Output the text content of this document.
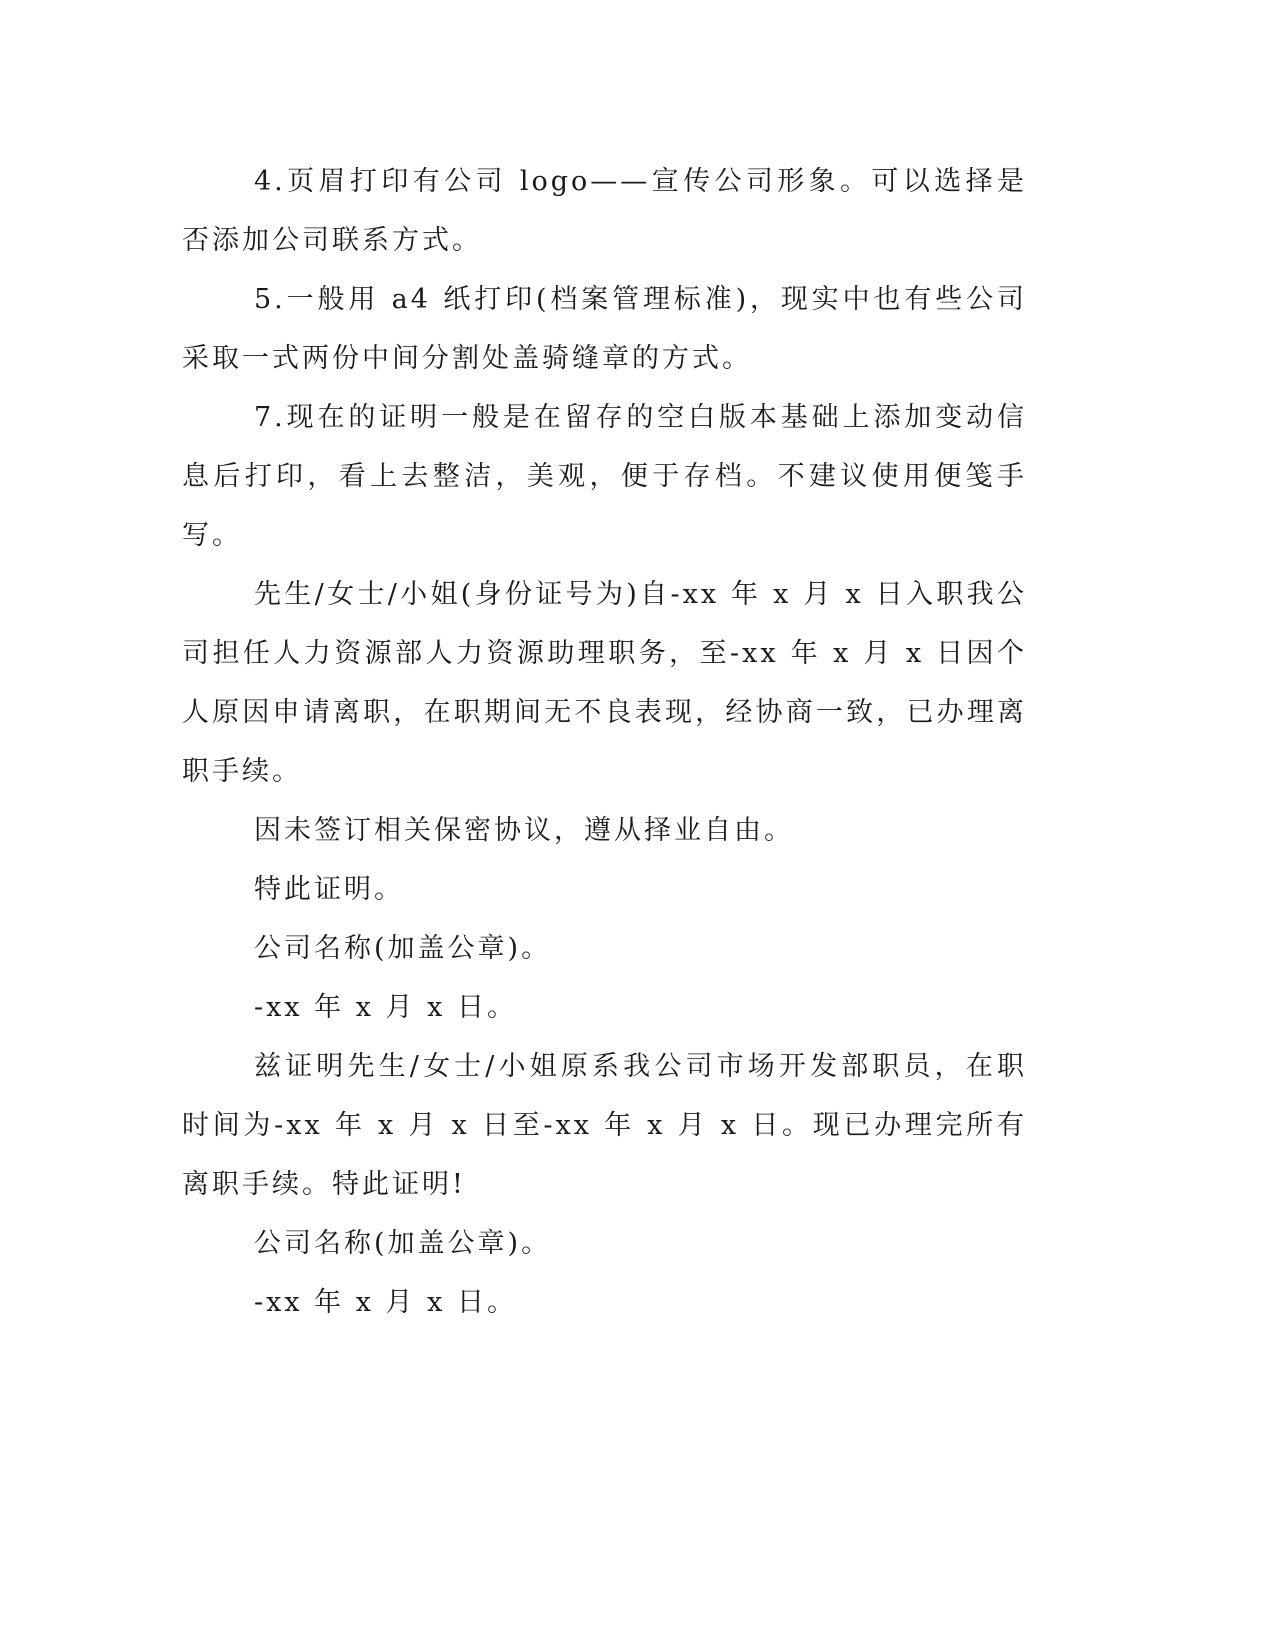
4.页眉打印有公司 logo——宣传公司形象。可以选择是否添加公司联系方式。

5.一般用 a4 纸打印(档案管理标准)，现实中也有些公司采取一式两份中间分割处盖骑缝章的方式。

7.现在的证明一般是在留存的空白版本基础上添加变动信息后打印，看上去整洁，美观，便于存档。不建议使用便笺手写。

先生/女士/小姐(身份证号为)自-xx 年 x 月 x 日入职我公司担任人力资源部人力资源助理职务，至-xx 年 x 月 x 日因个人原因申请离职，在职期间无不良表现，经协商一致，已办理离职手续。

因未签订相关保密协议，遵从择业自由。

特此证明。

公司名称(加盖公章)。

-xx 年 x 月 x 日。

兹证明先生/女士/小姐原系我公司市场开发部职员，在职时间为-xx 年 x 月 x 日至-xx 年 x 月 x 日。现已办理完所有离职手续。特此证明!

公司名称(加盖公章)。

-xx 年 x 月 x 日。
